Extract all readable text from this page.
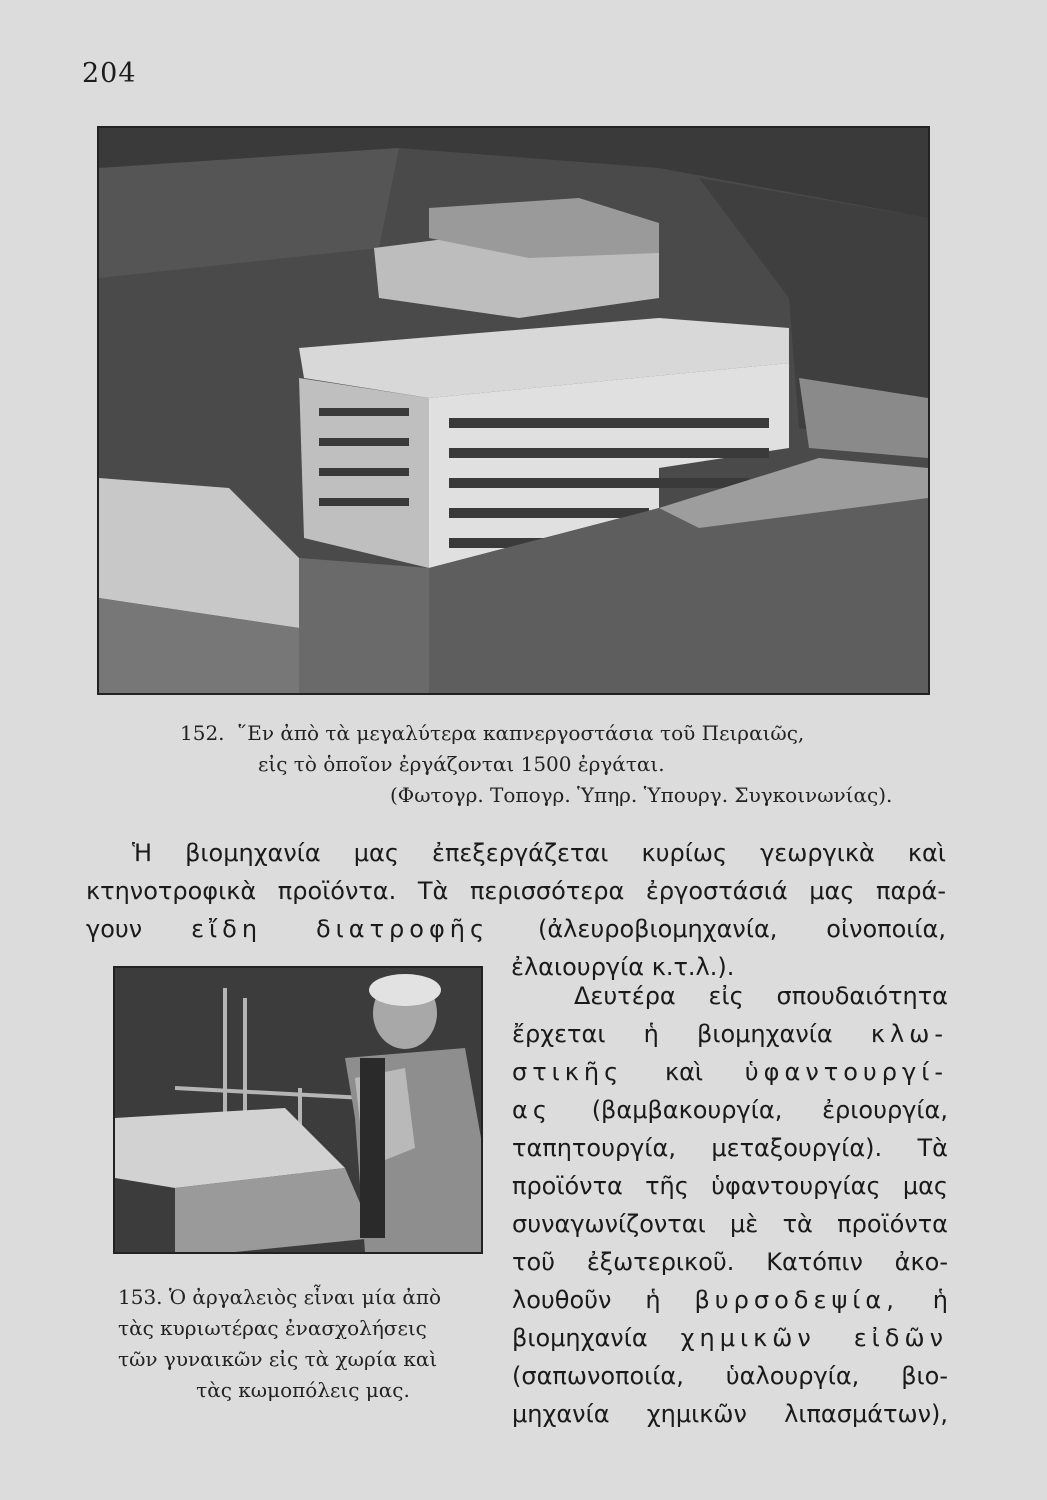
204
152. ῞Εν ἀπὸ τὰ μεγαλύτερα καπνεργοστάσια τοῦ Πειραιῶς,
εἰς τὸ ὁποῖον ἐργάζονται 1500 ἐργάται.
(Φωτογρ. Τοπογρ. Ὑπηρ. Ὑπουργ. Συγκοινωνίας).
Ἡ βιομηχανία μας ἐπεξεργάζεται κυρίως γεωργικὰ καὶ
κτηνοτροφικὰ προϊόντα. Τὰ περισσότερα ἐργοστάσιά μας παρά-
γουν εἴδη διατροφῆς (ἀλευροβιομηχανία, οἰνοποιία,
ἐλαιουργία κ.τ.λ.).
153. Ὁ ἀργαλειὸς εἶναι μία ἀπὸ
τὰς κυριωτέρας ἐνασχολήσεις
τῶν γυναικῶν εἰς τὰ χωρία καὶ
τὰς κωμοπόλεις μας.
Δευτέρα εἰς σπουδαιότητα
ἔρχεται ἡ βιομηχανία κλω-
στικῆς καὶ ὑφαντουργί-
ας (βαμβακουργία, ἐριουργία,
ταπητουργία, μεταξουργία). Τὰ
προϊόντα τῆς ὑφαντουργίας μας
συναγωνίζονται μὲ τὰ προϊόντα
τοῦ ἐξωτερικοῦ. Κατόπιν ἀκο-
λουθοῦν ἡ βυρσοδεψία, ἡ
βιομηχανία χημικῶν εἰδῶν
(σαπωνοποιία, ὑαλουργία, βιο-
μηχανία χημικῶν λιπασμάτων),
